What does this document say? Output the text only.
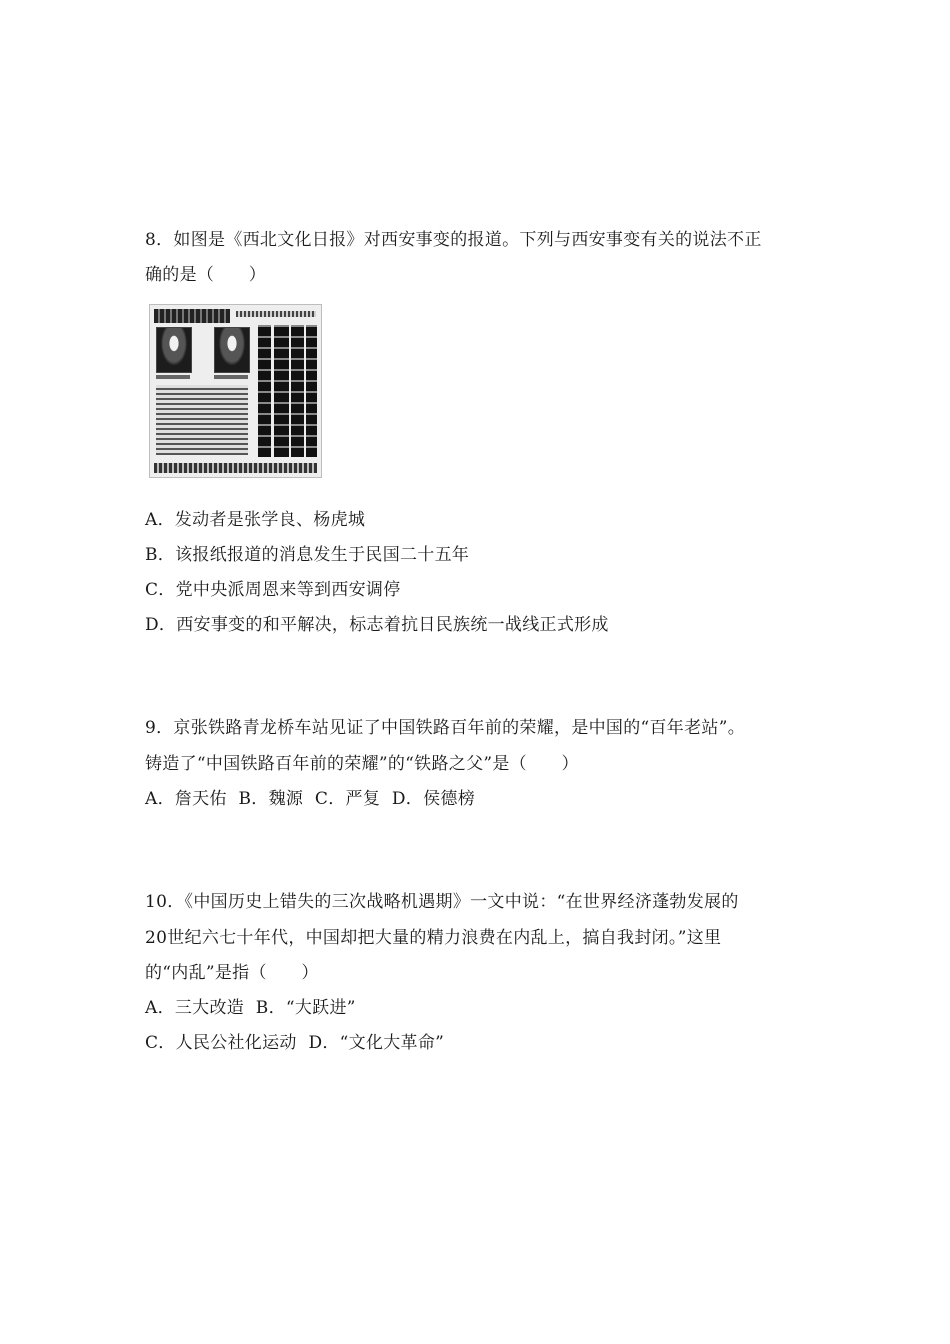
8．如图是《西北文化日报》对西安事变的报道。下列与西安事变有关的说法不正
确的是（　　）
A．发动者是张学良、杨虎城
B．该报纸报道的消息发生于民国二十五年
C．党中央派周恩来等到西安调停
D．西安事变的和平解决，标志着抗日民族统一战线正式形成
9．京张铁路青龙桥车站见证了中国铁路百年前的荣耀，是中国的“百年老站”。
铸造了“中国铁路百年前的荣耀”的“铁路之父”是（　　）
A．詹天佑 B．魏源 C．严复 D．侯德榜
10．《中国历史上错失的三次战略机遇期》一文中说：“在世界经济蓬勃发展的
20世纪六七十年代，中国却把大量的精力浪费在内乱上，搞自我封闭。”这里
的“内乱”是指（　　）
A．三大改造 B．“大跃进”
C．人民公社化运动 D．“文化大革命”
